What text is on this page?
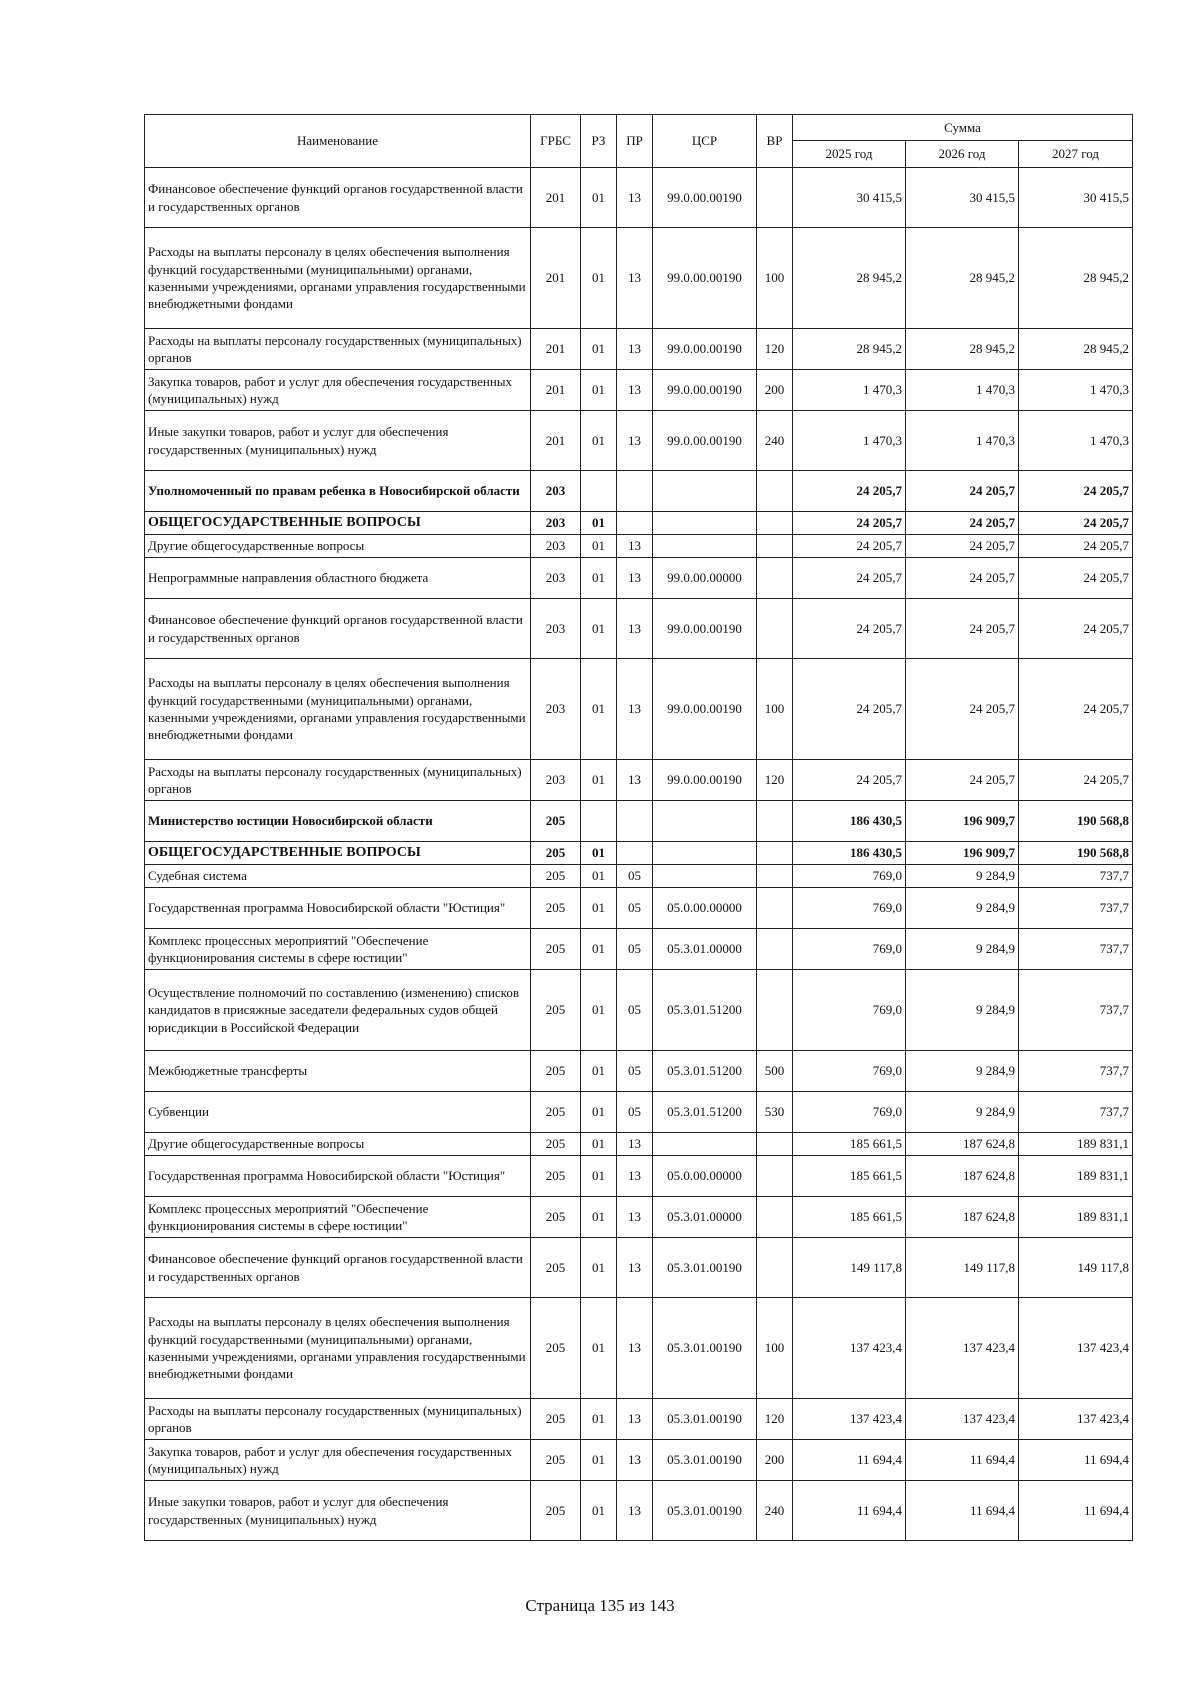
Наименование	ГРБС	РЗ	ПР	ЦСР	ВР	Сумма		
						2025 год	2026 год	2027 год
Финансовое обеспечение функций органов государственной власти и государственных органов	201	01	13	99.0.00.00190		30 415,5	30 415,5	30 415,5
Расходы на выплаты персоналу в целях обеспечения выполнения функций государственными (муниципальными) органами, казенными учреждениями, органами управления государственными внебюджетными фондами	201	01	13	99.0.00.00190	100	28 945,2	28 945,2	28 945,2
Расходы на выплаты персоналу государственных (муниципальных) органов	201	01	13	99.0.00.00190	120	28 945,2	28 945,2	28 945,2
Закупка товаров, работ и услуг для обеспечения государственных (муниципальных) нужд	201	01	13	99.0.00.00190	200	1 470,3	1 470,3	1 470,3
Иные закупки товаров, работ и услуг для обеспечения государственных (муниципальных) нужд	201	01	13	99.0.00.00190	240	1 470,3	1 470,3	1 470,3
Уполномоченный по правам ребенка в Новосибирской области	203					24 205,7	24 205,7	24 205,7
ОБЩЕГОСУДАРСТВЕННЫЕ ВОПРОСЫ	203	01				24 205,7	24 205,7	24 205,7
Другие общегосударственные вопросы	203	01	13			24 205,7	24 205,7	24 205,7
Непрограммные направления областного бюджета	203	01	13	99.0.00.00000		24 205,7	24 205,7	24 205,7
Финансовое обеспечение функций органов государственной власти и государственных органов	203	01	13	99.0.00.00190		24 205,7	24 205,7	24 205,7
Расходы на выплаты персоналу в целях обеспечения выполнения функций государственными (муниципальными) органами, казенными учреждениями, органами управления государственными внебюджетными фондами	203	01	13	99.0.00.00190	100	24 205,7	24 205,7	24 205,7
Расходы на выплаты персоналу государственных (муниципальных) органов	203	01	13	99.0.00.00190	120	24 205,7	24 205,7	24 205,7
Министерство юстиции Новосибирской области	205					186 430,5	196 909,7	190 568,8
ОБЩЕГОСУДАРСТВЕННЫЕ ВОПРОСЫ	205	01				186 430,5	196 909,7	190 568,8
Судебная система	205	01	05			769,0	9 284,9	737,7
Государственная программа Новосибирской области "Юстиция"	205	01	05	05.0.00.00000		769,0	9 284,9	737,7
Комплекс процессных мероприятий "Обеспечение функционирования системы в сфере юстиции"	205	01	05	05.3.01.00000		769,0	9 284,9	737,7
Осуществление полномочий по составлению (изменению) списков кандидатов в присяжные заседатели федеральных судов общей юрисдикции в Российской Федерации	205	01	05	05.3.01.51200		769,0	9 284,9	737,7
Межбюджетные трансферты	205	01	05	05.3.01.51200	500	769,0	9 284,9	737,7
Субвенции	205	01	05	05.3.01.51200	530	769,0	9 284,9	737,7
Другие общегосударственные вопросы	205	01	13			185 661,5	187 624,8	189 831,1
Государственная программа Новосибирской области "Юстиция"	205	01	13	05.0.00.00000		185 661,5	187 624,8	189 831,1
Комплекс процессных мероприятий "Обеспечение функционирования системы в сфере юстиции"	205	01	13	05.3.01.00000		185 661,5	187 624,8	189 831,1
Финансовое обеспечение функций органов государственной власти и государственных органов	205	01	13	05.3.01.00190		149 117,8	149 117,8	149 117,8
Расходы на выплаты персоналу в целях обеспечения выполнения функций государственными (муниципальными) органами, казенными учреждениями, органами управления государственными внебюджетными фондами	205	01	13	05.3.01.00190	100	137 423,4	137 423,4	137 423,4
Расходы на выплаты персоналу государственных (муниципальных) органов	205	01	13	05.3.01.00190	120	137 423,4	137 423,4	137 423,4
Закупка товаров, работ и услуг для обеспечения государственных (муниципальных) нужд	205	01	13	05.3.01.00190	200	11 694,4	11 694,4	11 694,4
Иные закупки товаров, работ и услуг для обеспечения государственных (муниципальных) нужд	205	01	13	05.3.01.00190	240	11 694,4	11 694,4	11 694,4
Страница 135 из 143
